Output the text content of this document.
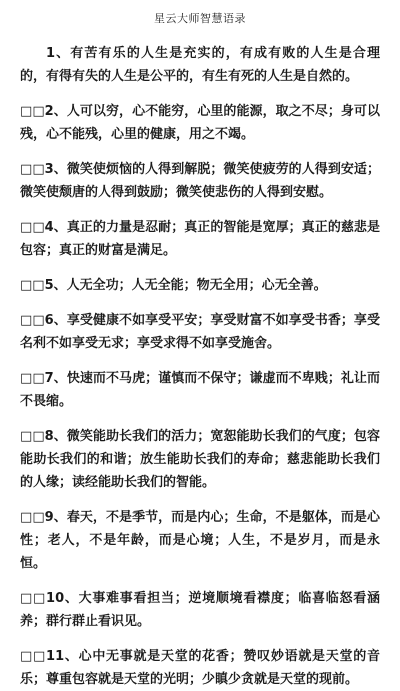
星云大师智慧语录

1、有苦有乐的人生是充实的，有成有败的人生是合理的，有得有失的人生是公平的，有生有死的人生是自然的。

□□2、人可以穷，心不能穷，心里的能源，取之不尽；身可以残，心不能残，心里的健康，用之不竭。

□□3、微笑使烦恼的人得到解脱；微笑使疲劳的人得到安适；微笑使颓唐的人得到鼓励；微笑使悲伤的人得到安慰。

□□4、真正的力量是忍耐；真正的智能是宽厚；真正的慈悲是包容；真正的财富是满足。

□□5、人无全功；人无全能；物无全用；心无全善。

□□6、享受健康不如享受平安；享受财富不如享受书香；享受名利不如享受无求；享受求得不如享受施舍。

□□7、快速而不马虎；谨慎而不保守；谦虚而不卑贱；礼让而不畏缩。

□□8、微笑能助长我们的活力；宽恕能助长我们的气度；包容能助长我们的和谐；放生能助长我们的寿命；慈悲能助长我们的人缘；读经能助长我们的智能。

□□9、春天，不是季节，而是内心；生命，不是躯体，而是心性；老人，不是年龄，而是心境；人生，不是岁月，而是永恒。

□□10、大事难事看担当；逆境顺境看襟度；临喜临怒看涵养；群行群止看识见。

□□11、心中无事就是天堂的花香；赞叹妙语就是天堂的音乐；尊重包容就是天堂的光明；少瞋少贪就是天堂的现前。
